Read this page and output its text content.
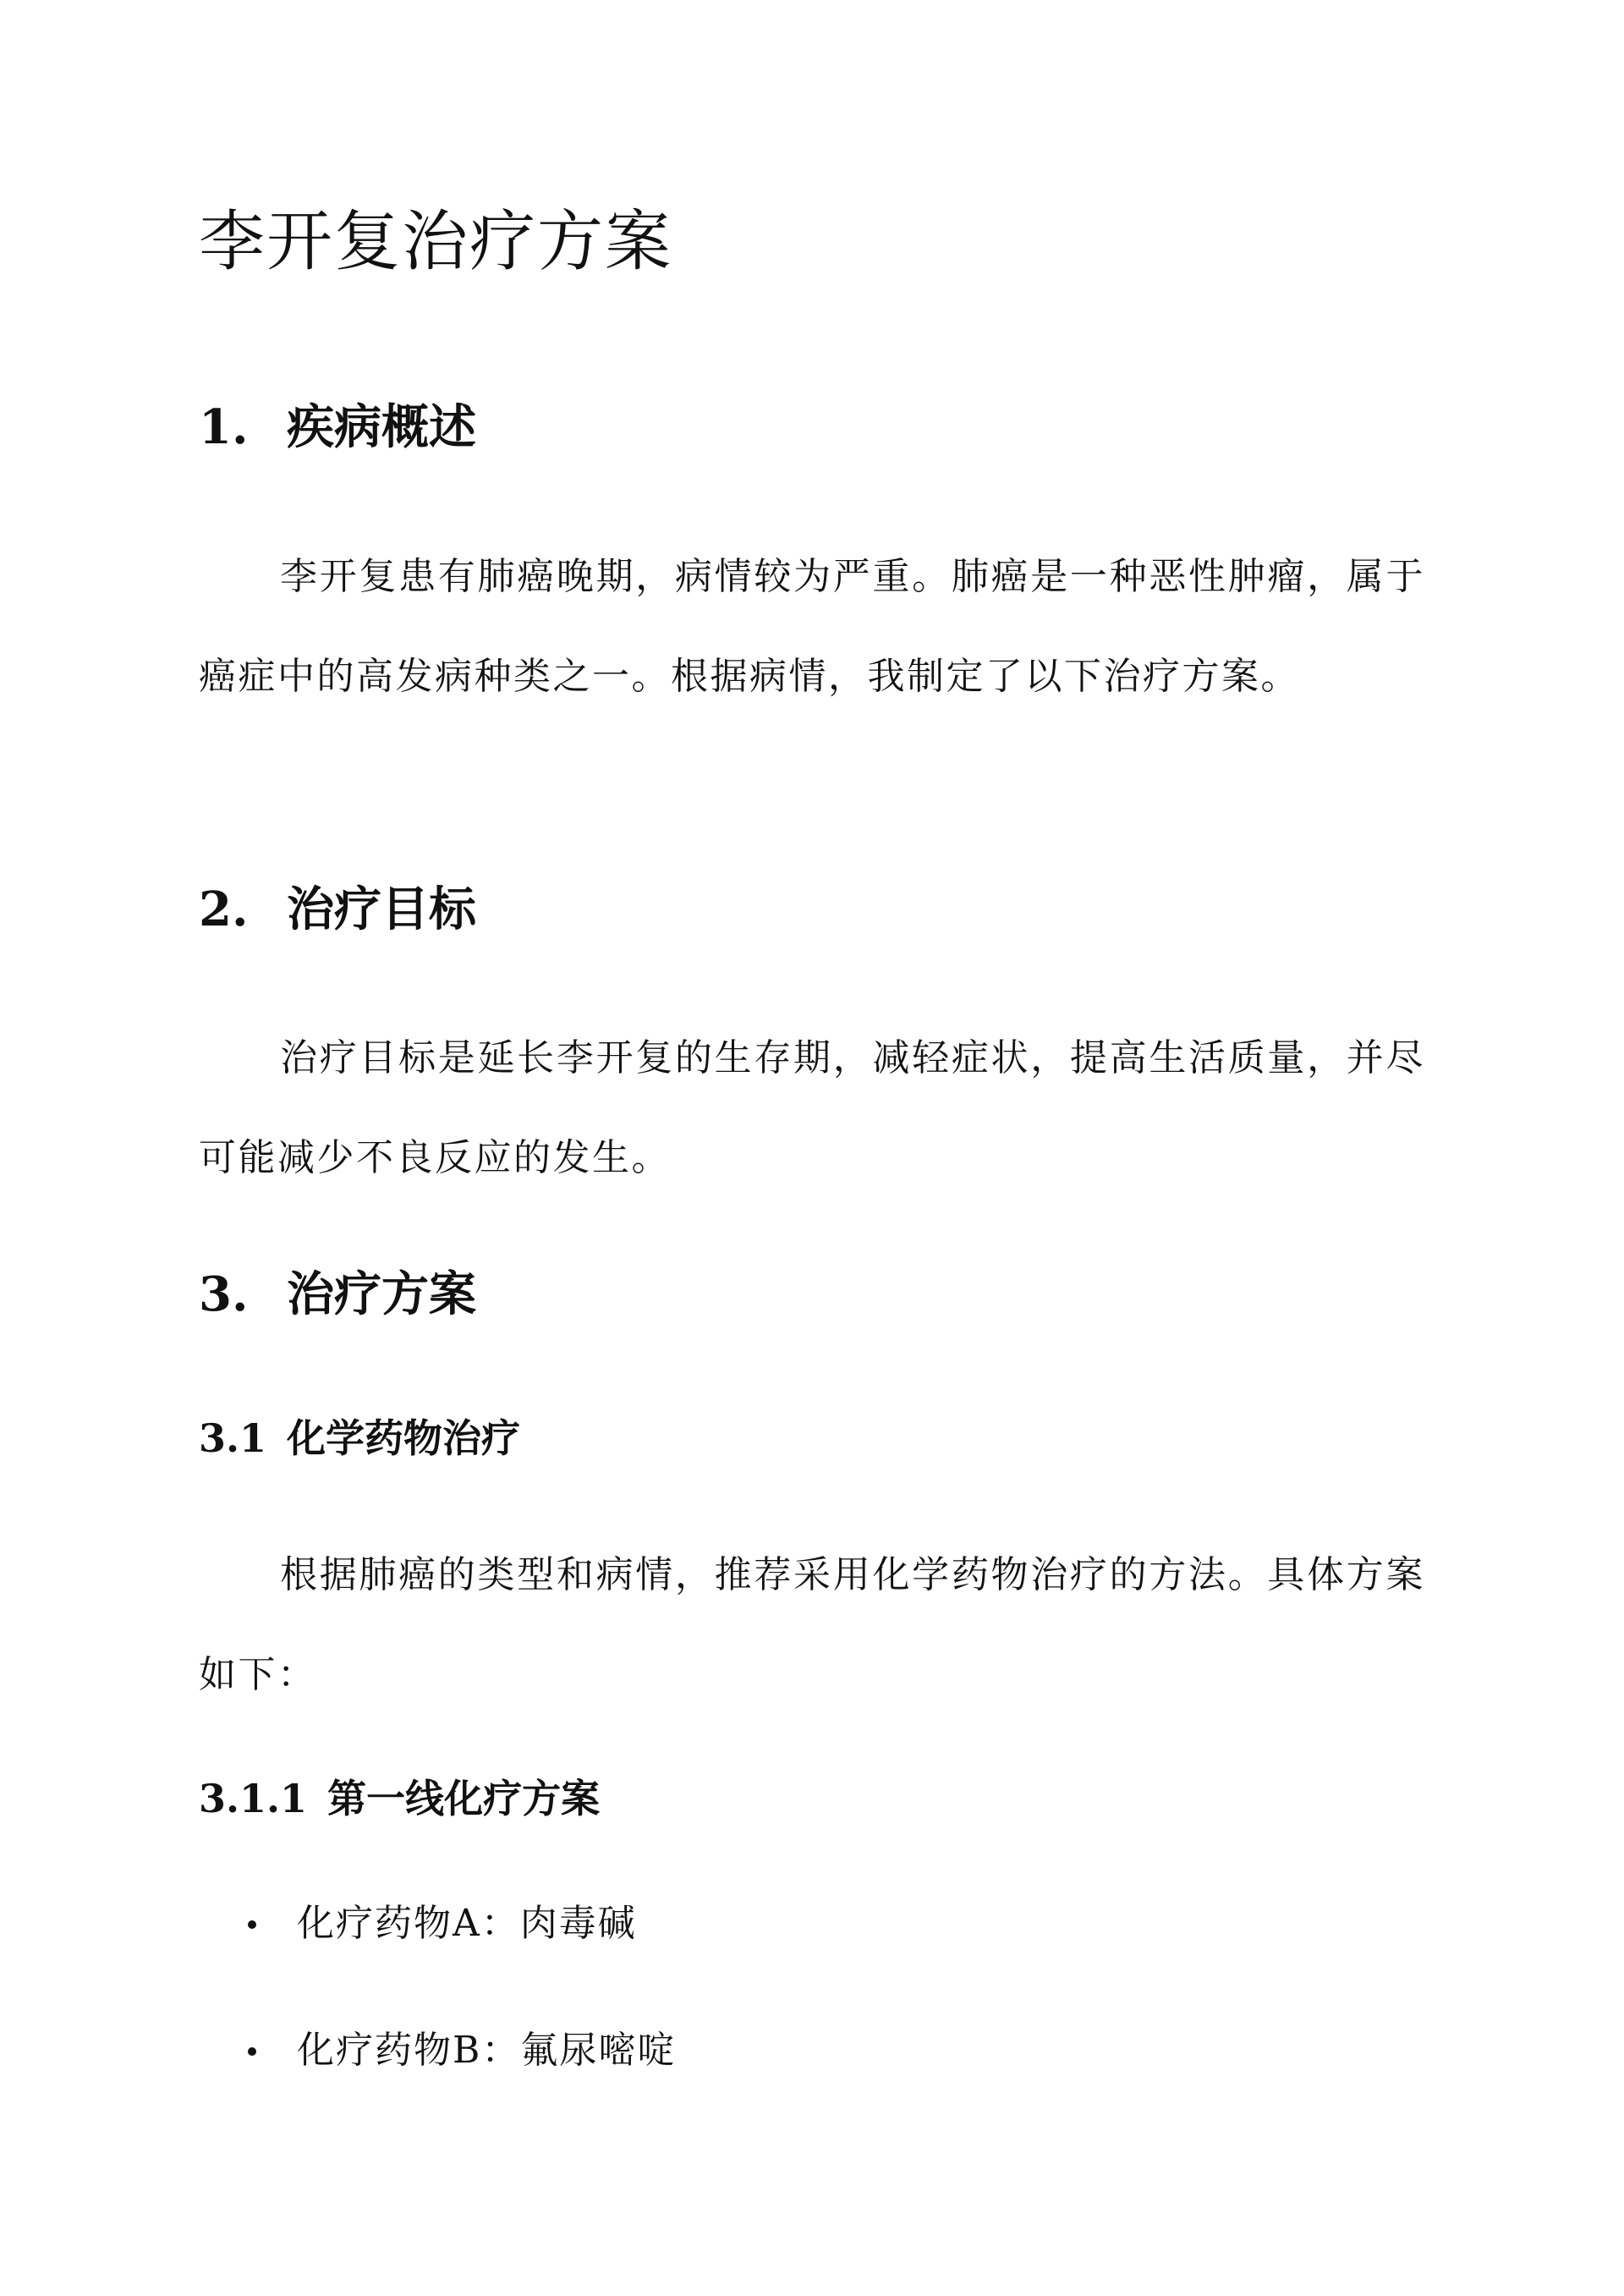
李开复治疗方案
1. 疾病概述

李开复患有肺癌晚期，病情较为严重。肺癌是一种恶性肿瘤，属于癌症中的高发病种类之一。根据病情，我制定了以下治疗方案。

2. 治疗目标

治疗目标是延长李开复的生存期，减轻症状，提高生活质量，并尽可能减少不良反应的发生。

3. 治疗方案
3.1 化学药物治疗

根据肺癌的类型和病情，推荐采用化学药物治疗的方法。具体方案如下：

3.1.1 第一线化疗方案
化疗药物A：肉毒碱
化疗药物B：氟尿嘧啶
